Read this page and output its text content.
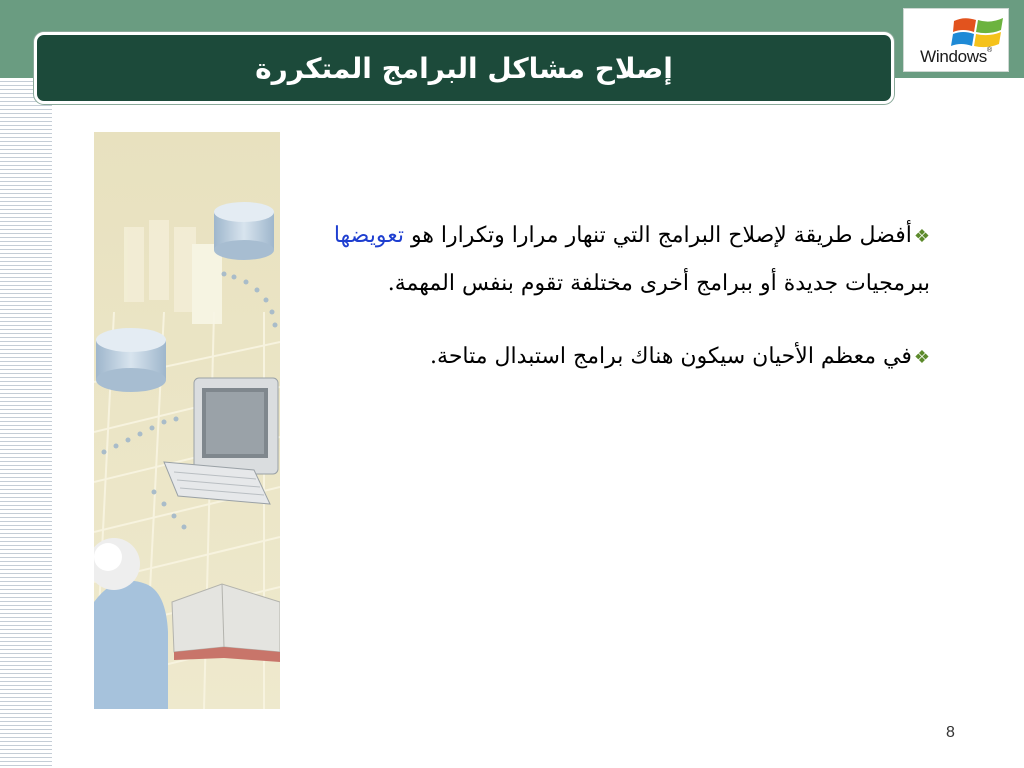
إصلاح مشاكل البرامج المتكررة	Windows®
❖أفضل طريقة لإصلاح البرامج التي تنهار مرارا وتكرارا هو تعويضها ببرمجيات جديدة أو ببرامج أخرى مختلفة تقوم بنفس المهمة.
❖في معظم الأحيان سيكون هناك برامج استبدال متاحة.
8
